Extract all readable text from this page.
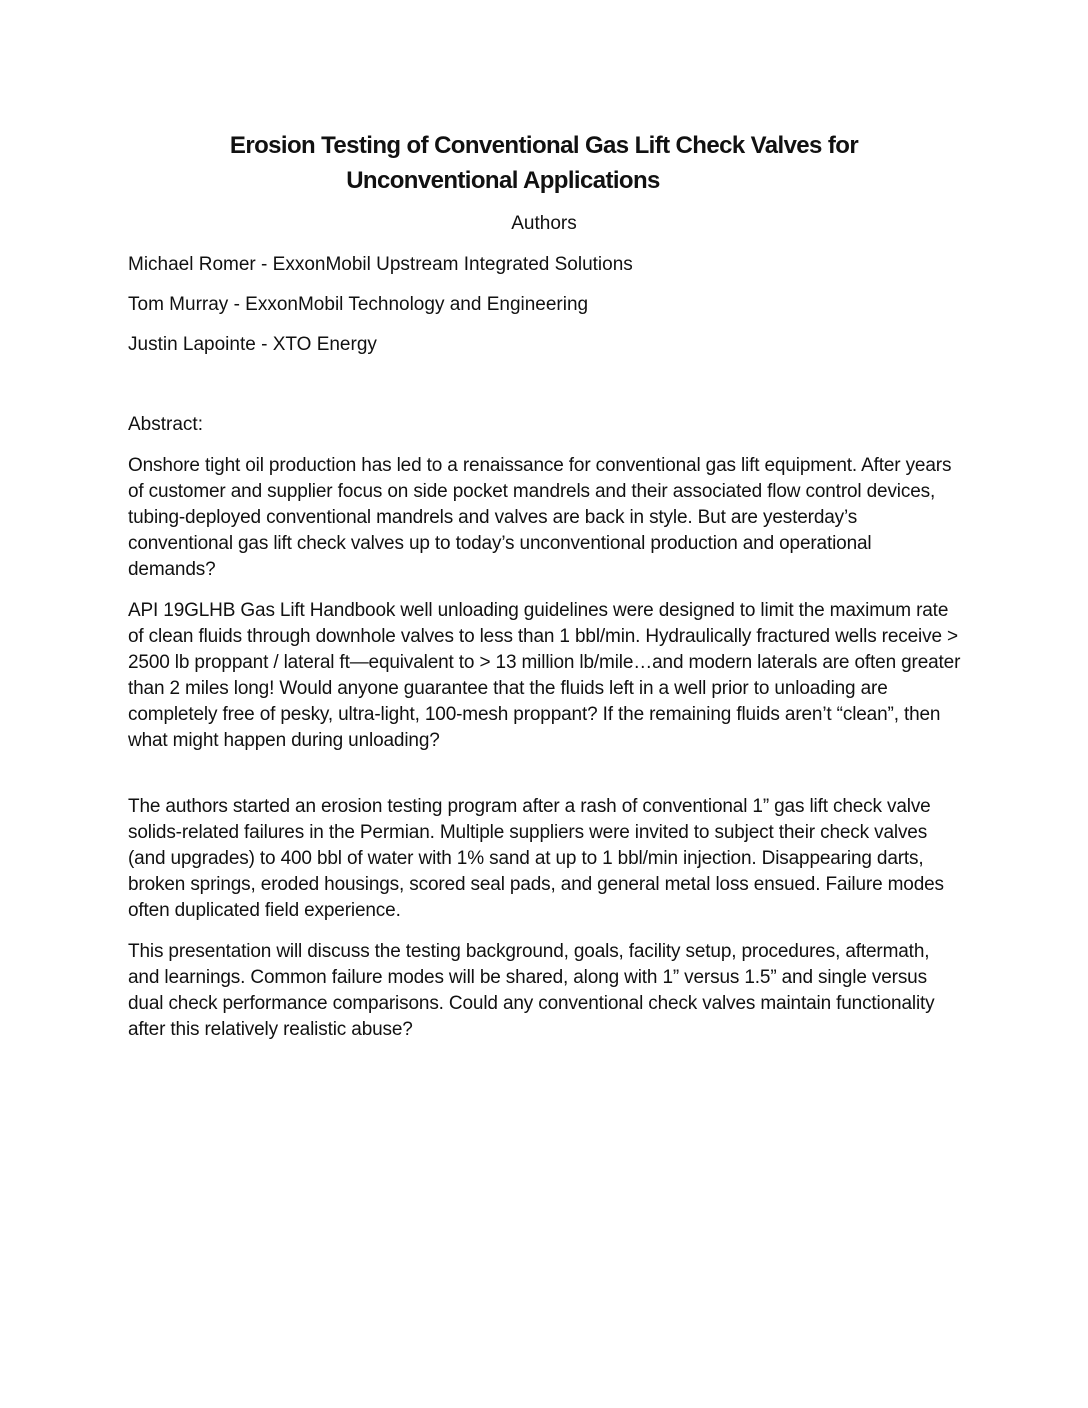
Erosion Testing of Conventional Gas Lift Check Valves for
Unconventional Applications
Authors
Michael Romer - ExxonMobil Upstream Integrated Solutions
Tom Murray - ExxonMobil Technology and Engineering
Justin Lapointe - XTO Energy
Abstract:

Onshore tight oil production has led to a renaissance for conventional gas lift equipment. After years of customer and supplier focus on side pocket mandrels and their associated flow control devices, tubing-deployed conventional mandrels and valves are back in style. But are yesterday’s conventional gas lift check valves up to today’s unconventional production and operational demands?

API 19GLHB Gas Lift Handbook well unloading guidelines were designed to limit the maximum rate of clean fluids through downhole valves to less than 1 bbl/min. Hydraulically fractured wells receive > 2500 lb proppant / lateral ft—equivalent to > 13 million lb/mile…and modern laterals are often greater than 2 miles long! Would anyone guarantee that the fluids left in a well prior to unloading are completely free of pesky, ultra-light, 100-mesh proppant? If the remaining fluids aren’t “clean”, then what might happen during unloading?

The authors started an erosion testing program after a rash of conventional 1” gas lift check valve solids-related failures in the Permian. Multiple suppliers were invited to subject their check valves (and upgrades) to 400 bbl of water with 1% sand at up to 1 bbl/min injection. Disappearing darts, broken springs, eroded housings, scored seal pads, and general metal loss ensued. Failure modes often duplicated field experience.

This presentation will discuss the testing background, goals, facility setup, procedures, aftermath, and learnings. Common failure modes will be shared, along with 1” versus 1.5” and single versus dual check performance comparisons. Could any conventional check valves maintain functionality after this relatively realistic abuse?
